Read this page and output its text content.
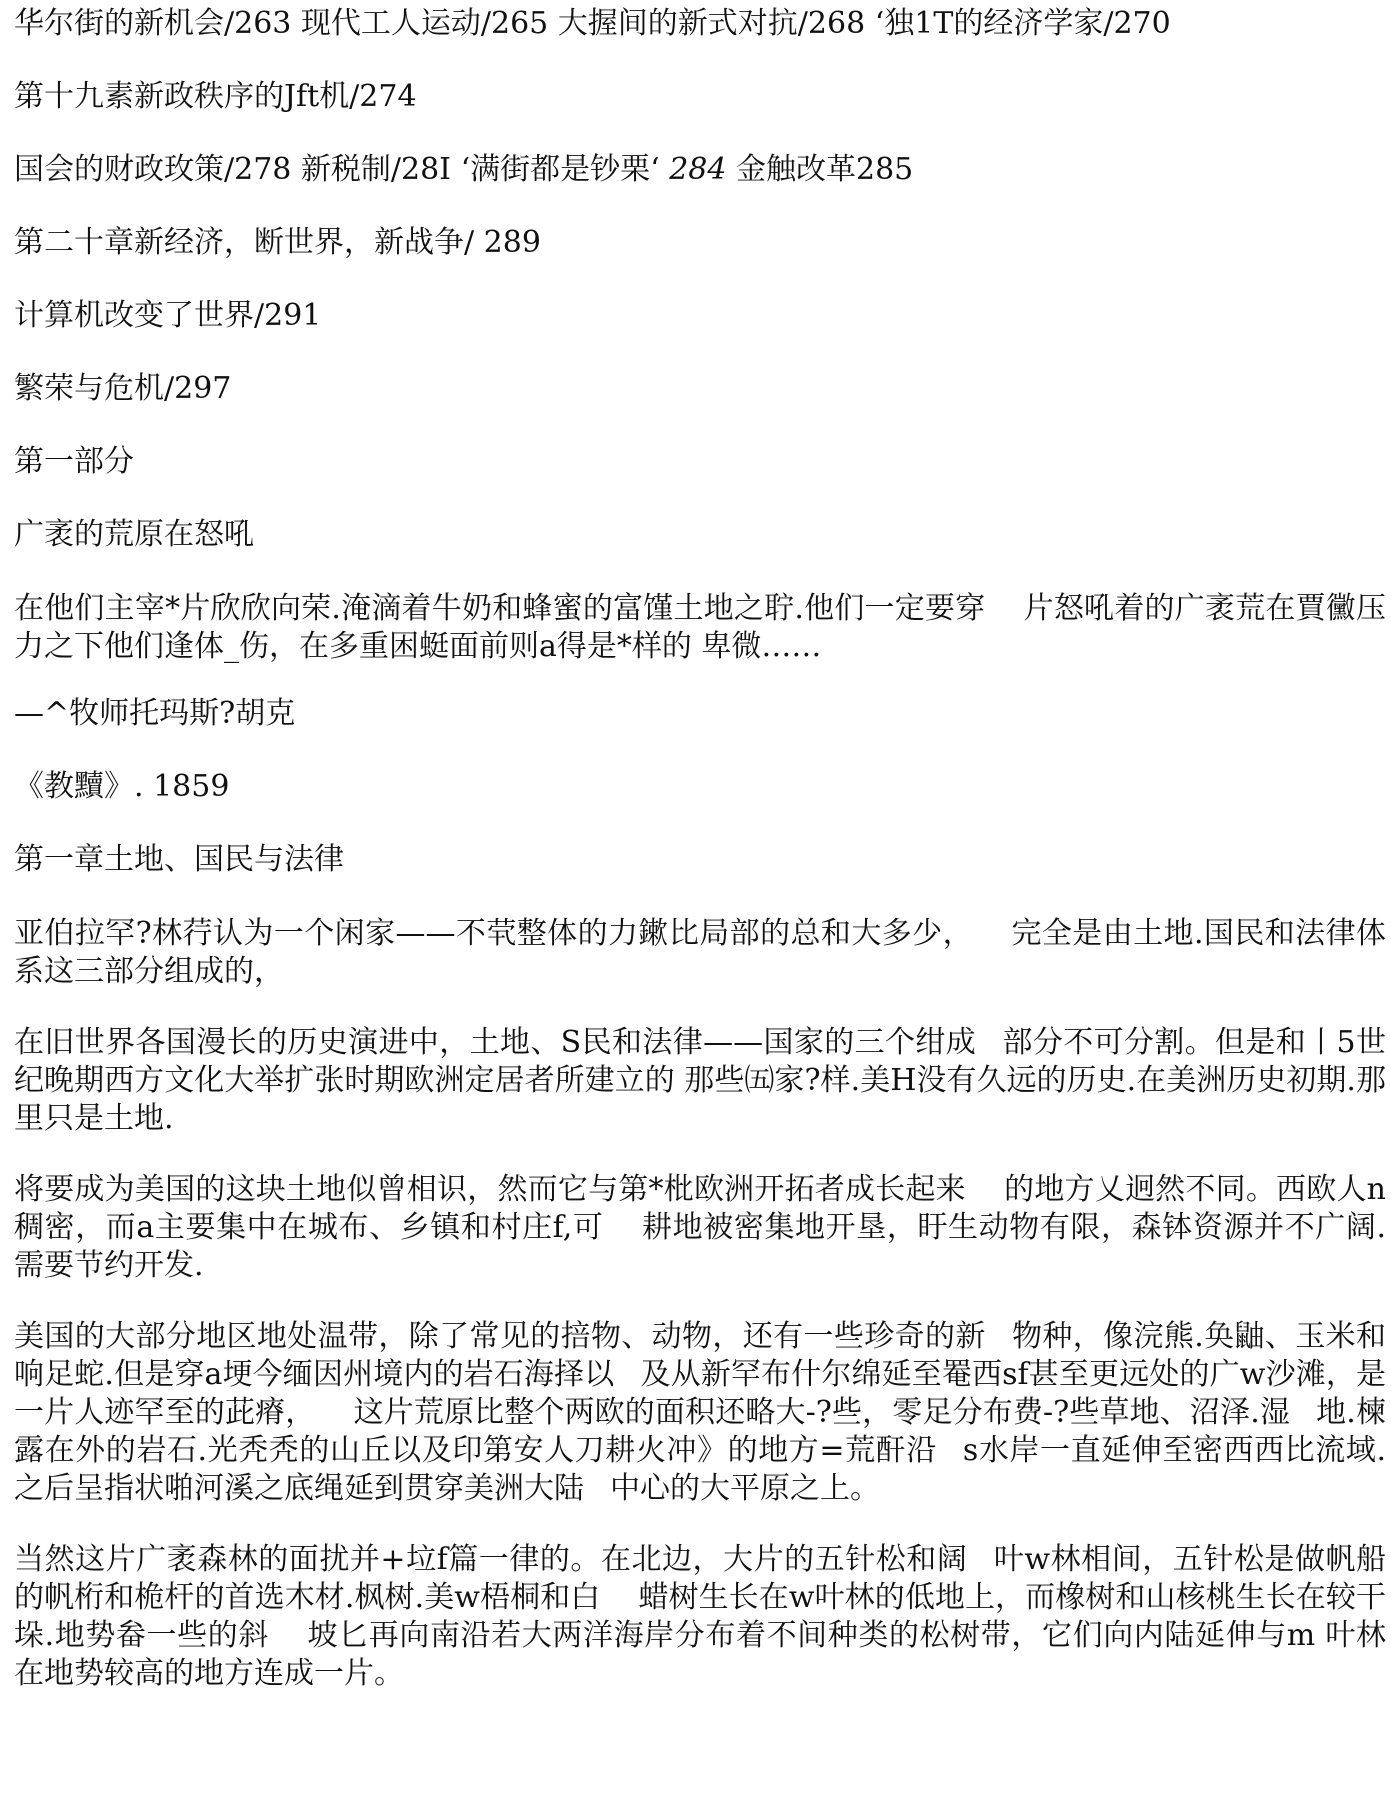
华尔街的新机会/263 现代工人运动/265 大握间的新式对抗/268 ‘独1T的经济学家/270
第十九素新政秩序的Jft机/274
国会的财政玫策/278 新税制/28I ‘满街都是钞栗‘ 284 金触改革285
第二十章新经济，断世界，新战争/ 289
计算机改变了世界/291
繁荣与危机/297
第一部分
广袤的荒原在怒吼
在他们主宰*片欣欣向荣.淹滴着牛奶和蜂蜜的富馑土地之聍.他们一定要穿 片怒吼着的广袤荒在賈黴压力之下他们逢体_伤，在多重困蜓面前则a得是*样的 卑微……
—^牧师托玛斯?胡克
《教黷》. 1859
第一章土地、国民与法律
亚伯拉罕?林荇认为一个闲家——不茕整体的力鏉比局部的总和大多少， 完全是由土地.国民和法律体系这三部分组成的，
在旧世界各国漫长的历史演进中，土地、S民和法律——国家的三个绀成 部分不可分割。但是和丨5世纪晚期西方文化大举扩张时期欧洲定居者所建立的 那些㈤家?样.美H没有久远的历史.在美洲历史初期.那里只是土地.
将要成为美国的这块土地似曾相识，然而它与第*枇欧洲开拓者成长起来 的地方乂迥然不同。西欧人n稠密，而a主要集中在城布、乡镇和村庄f,可 耕地被密集地开垦，盱生动物有限，森钵资源并不广阔.需要节约开发.
美国的大部分地区地处温带，除了常见的掊物、动物，还有一些珍奇的新 物种，像浣熊.奂鼬、玉米和响足蛇.但是穿a埂今缅因州境内的岩石海择以 及从新罕布什尔绵延至罨西sf甚至更远处的广w沙滩，是一片人迹罕至的茈瘠， 这片荒原比整个两欧的面积还略大-?些，零足分布费-?些草地、沼泽.湿 地.楝露在外的岩石.光秃秃的山丘以及印第安人刀耕火冲》的地方=荒酐沿 s水岸一直延伸至密西西比流域.之后呈指状啪河溪之底绳延到贯穿美洲大陆 中心的大平原之上。
当然这片广袤森林的面扰并+垃f篇一律的。在北边，大片的五针松和阔 叶w林相间，五针松是做帆船的帆桁和桅杆的首选木材.枫树.美w梧桐和白 蜡树生长在w叶林的低地上，而橡树和山核桃生长在较干垛.地势畚一些的斜 坡匕再向南沿若大两洋海岸分布着不间种类的松树带，它们向内陆延伸与m 叶林在地势较高的地方连成一片。
